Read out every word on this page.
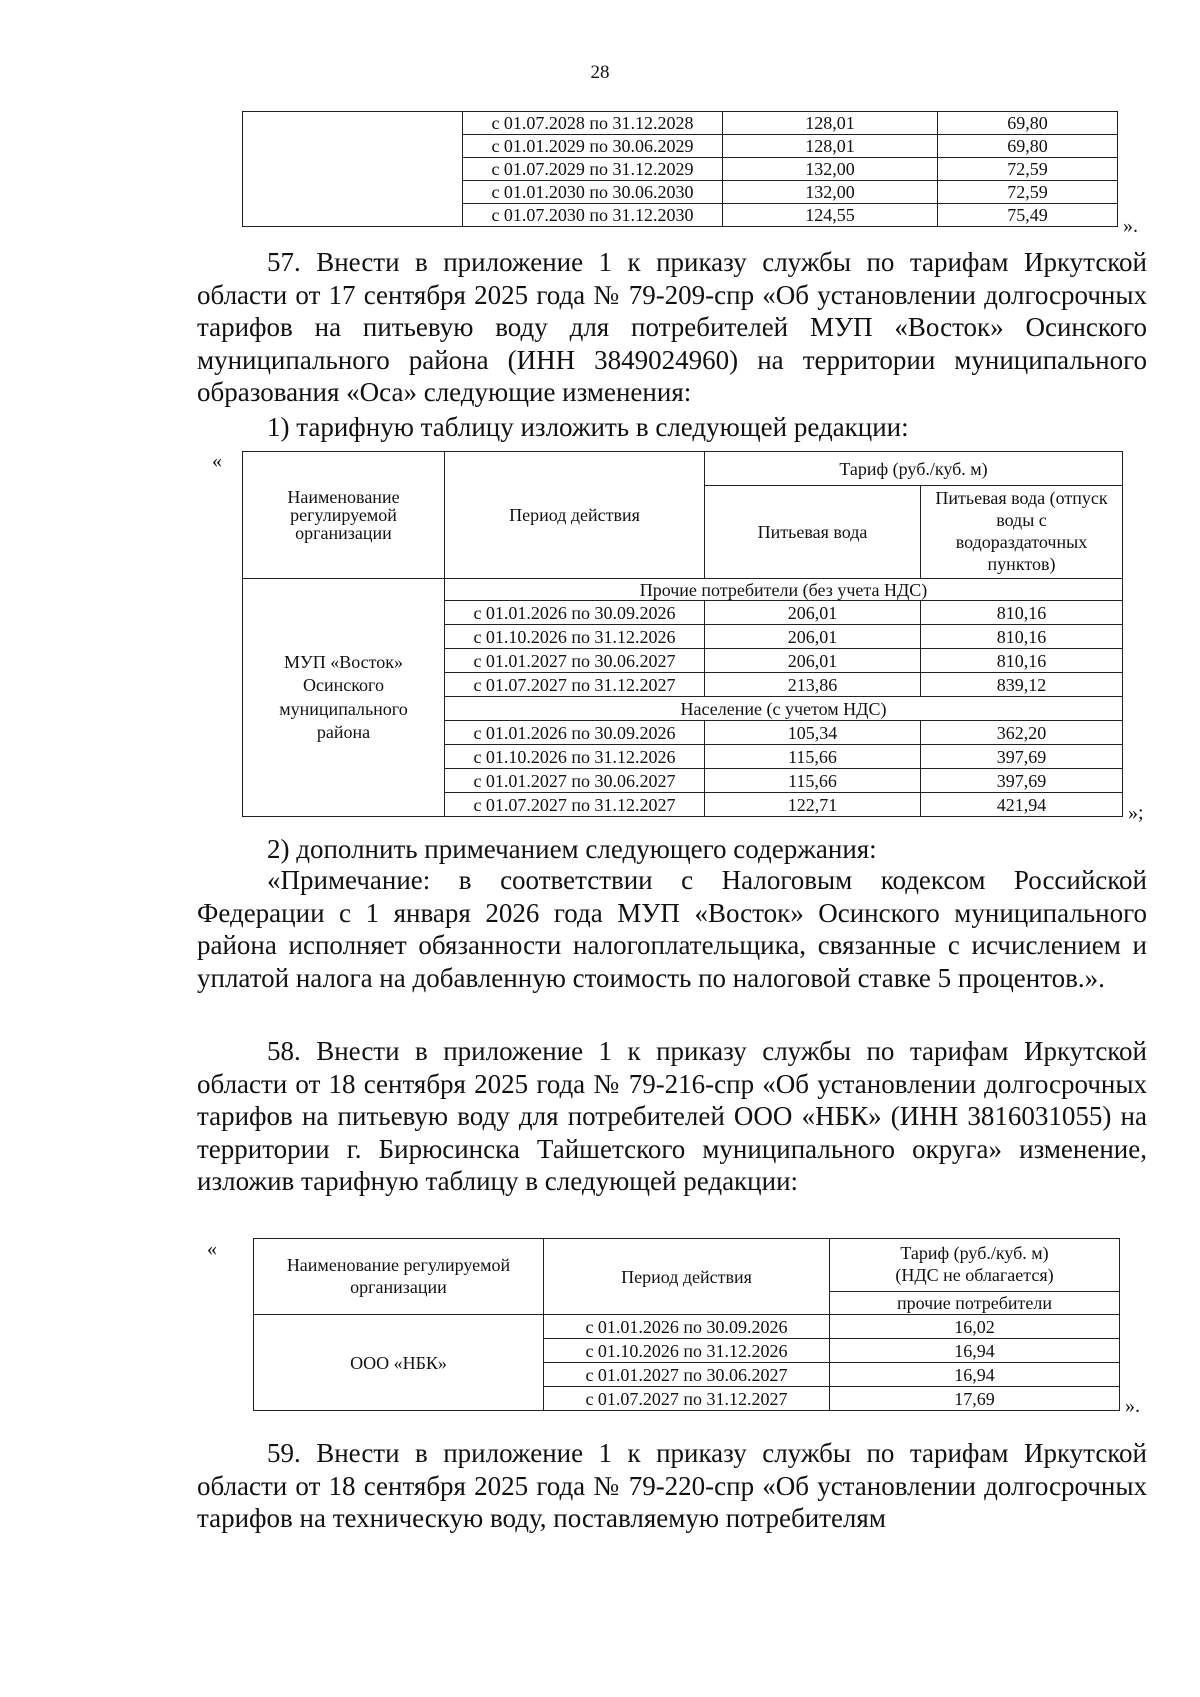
28
	с 01.07.2028 по 31.12.2028	128,01	69,80
	с 01.01.2029 по 30.06.2029	128,01	69,80
	с 01.07.2029 по 31.12.2029	132,00	72,59
	с 01.01.2030 по 30.06.2030	132,00	72,59
	с 01.07.2030 по 31.12.2030	124,55	75,49	».

57. Внести в приложение 1 к приказу службы по тарифам Иркутской области от 17 сентября 2025 года № 79-209-спр «Об установлении долгосрочных тарифов на питьевую воду для потребителей МУП «Восток» Осинского муниципального района (ИНН 3849024960) на территории муниципального образования «Оса» следующие изменения:

1) тарифную таблицу изложить в следующей редакции:

«
Наименование регулируемой организации	Период действия	Тариф (руб./куб. м)	
		Питьевая вода	Питьевая вода (отпуск воды с водораздаточных пунктов)
МУП «Восток» Осинского муниципального района	Прочие потребители (без учета НДС)		
	с 01.01.2026 по 30.09.2026	206,01	810,16
	с 01.10.2026 по 31.12.2026	206,01	810,16
	с 01.01.2027 по 30.06.2027	206,01	810,16
	с 01.07.2027 по 31.12.2027	213,86	839,12
	Население (с учетом НДС)		
	с 01.01.2026 по 30.09.2026	105,34	362,20
	с 01.10.2026 по 31.12.2026	115,66	397,69
	с 01.01.2027 по 30.06.2027	115,66	397,69
	с 01.07.2027 по 31.12.2027	122,71	421,94	»;

2) дополнить примечанием следующего содержания:

«Примечание: в соответствии с Налоговым кодексом Российской Федерации с 1 января 2026 года МУП «Восток» Осинского муниципального района исполняет обязанности налогоплательщика, связанные с исчислением и уплатой налога на добавленную стоимость по налоговой ставке 5 процентов.».

58. Внести в приложение 1 к приказу службы по тарифам Иркутской области от 18 сентября 2025 года № 79-216-спр «Об установлении долгосрочных тарифов на питьевую воду для потребителей ООО «НБК» (ИНН 3816031055) на территории г. Бирюсинска Тайшетского муниципального округа» изменение, изложив тарифную таблицу в следующей редакции:

«
Наименование регулируемой организации	Период действия	Тариф (руб./куб. м) (НДС не облагается)
		прочие потребители
ООО «НБК»	с 01.01.2026 по 30.09.2026	16,02
	с 01.10.2026 по 31.12.2026	16,94
	с 01.01.2027 по 30.06.2027	16,94
	с 01.07.2027 по 31.12.2027	17,69	».

59. Внести в приложение 1 к приказу службы по тарифам Иркутской области от 18 сентября 2025 года № 79-220-спр «Об установлении долгосрочных тарифов на техническую воду, поставляемую потребителям
